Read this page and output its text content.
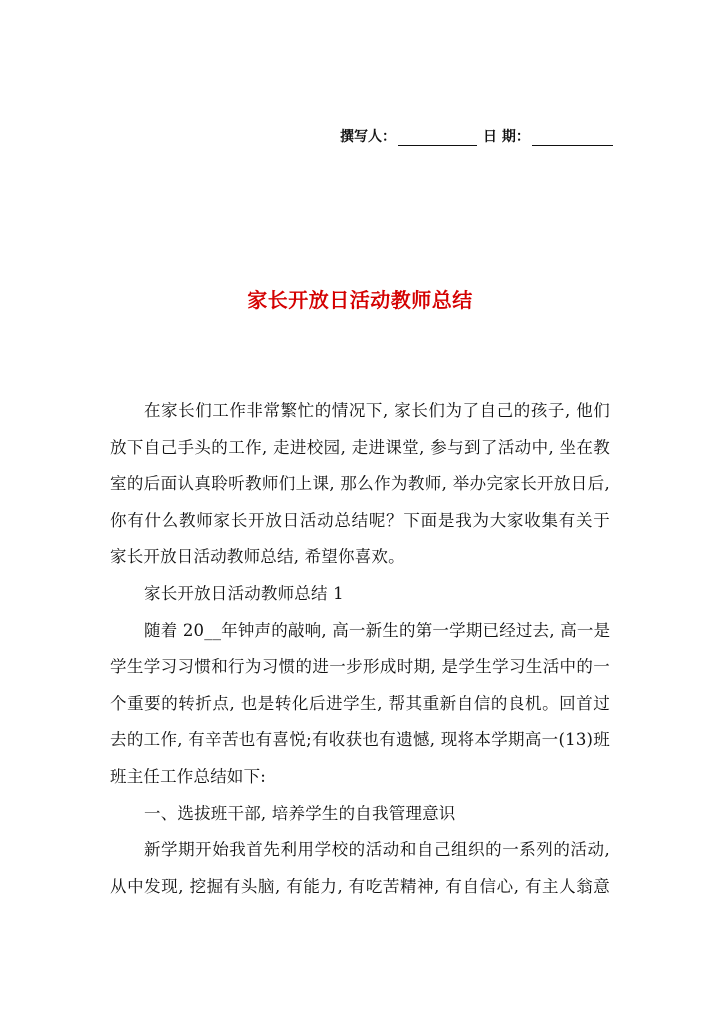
撰写人：	日 期：
家长开放日活动教师总结
在家长们工作非常繁忙的情况下, 家长们为了自己的孩子, 他们
放下自己手头的工作, 走进校园, 走进课堂, 参与到了活动中, 坐在教
室的后面认真聆听教师们上课, 那么作为教师, 举办完家长开放日后,
你有什么教师家长开放日活动总结呢？下面是我为大家收集有关于
家长开放日活动教师总结, 希望你喜欢。
家长开放日活动教师总结 1
随着 20__年钟声的敲响, 高一新生的第一学期已经过去, 高一是
学生学习习惯和行为习惯的进一步形成时期, 是学生学习生活中的一
个重要的转折点, 也是转化后进学生, 帮其重新自信的良机。回首过
去的工作, 有辛苦也有喜悦;有收获也有遗憾, 现将本学期高一(13)班
班主任工作总结如下:
一、选拔班干部, 培养学生的自我管理意识
新学期开始我首先利用学校的活动和自己组织的一系列的活动,
从中发现, 挖掘有头脑, 有能力, 有吃苦精神, 有自信心, 有主人翁意
